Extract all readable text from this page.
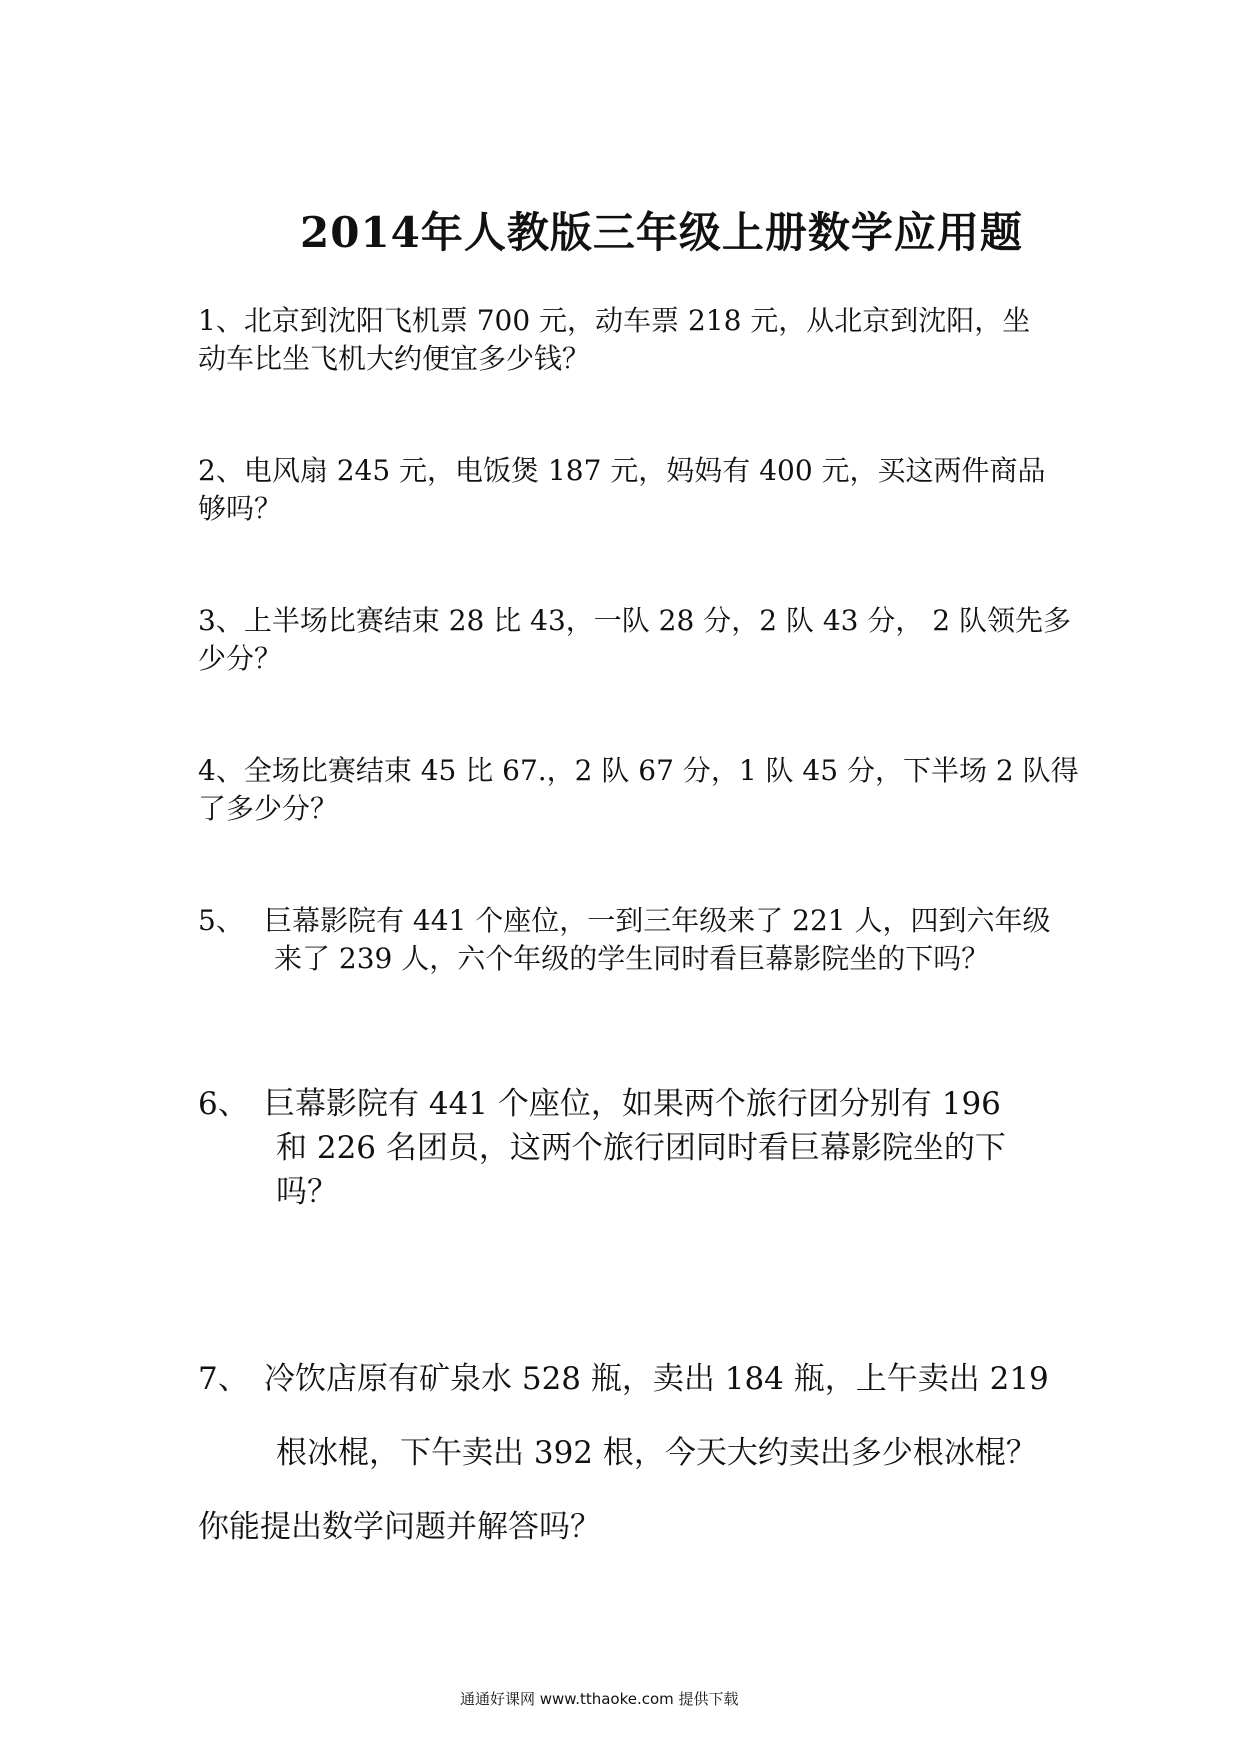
2014年人教版三年级上册数学应用题
1、北京到沈阳飞机票 700 元，动车票 218 元，从北京到沈阳，坐
动车比坐飞机大约便宜多少钱？
2、电风扇 245 元，电饭煲 187 元，妈妈有 400 元，买这两件商品
够吗？
3、上半场比赛结束 28 比 43，一队 28 分，2 队 43 分， 2 队领先多
少分？
4、全场比赛结束 45 比 67.，2 队 67 分，1 队 45 分，下半场 2 队得
了多少分？
5、 巨幕影院有 441 个座位，一到三年级来了 221 人，四到六年级
来了 239 人，六个年级的学生同时看巨幕影院坐的下吗？
6、 巨幕影院有 441 个座位，如果两个旅行团分别有 196
和 226 名团员，这两个旅行团同时看巨幕影院坐的下
吗？
7、 冷饮店原有矿泉水 528 瓶，卖出 184 瓶，上午卖出 219
根冰棍，下午卖出 392 根，今天大约卖出多少根冰棍？
你能提出数学问题并解答吗？
通通好课网 www.tthaoke.com 提供下载
